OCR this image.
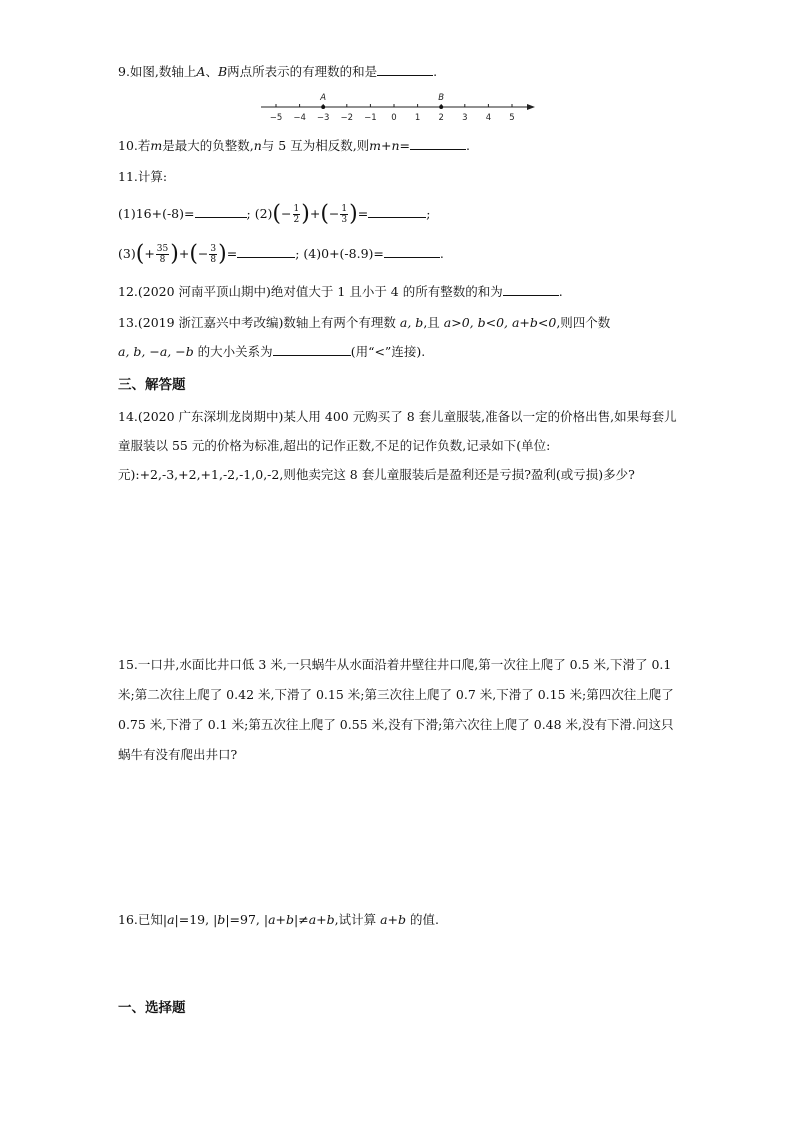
9.如图,数轴上A、B两点所表示的有理数的和是	.
−5 −4 −3 −2 −1 0 1 2 3 4 5
A	B
10.若m是最大的负整数,n与 5 互为相反数,则m+n=	.
11.计算:
(1)16+(-8)=	; $(2)(- \frac{1}{2}$ )+(− $\frac{1}{3}$ )=	;
$(3)(+ \frac{35}{8}$ )+(− $\frac{3}{8}$ )=	; (4)0+(-8.9)=	.
12.(2020 河南平顶山期中)绝对值大于 1 且小于 4 的所有整数的和为	.
13.(2019 浙江嘉兴中考改编)数轴上有两个有理数 a, b,且 a>0, b<0, a+b<0,则四个数
a, b, −a, −b 的大小关系为	(用“<”连接).
三、解答题
14.(2020 广东深圳龙岗期中)某人用 400 元购买了 8 套儿童服装,准备以一定的价格出售,如果每套儿童服装以 55 元的价格为标准,超出的记作正数,不足的记作负数,记录如下(单位:元):+2,-3,+2,+1,-2,-1,0,-2,则他卖完这 8 套儿童服装后是盈利还是亏损?盈利(或亏损)多少?
15.一口井,水面比井口低 3 米,一只蜗牛从水面沿着井壁往井口爬,第一次往上爬了 0.5 米,下滑了 0.1 米;第二次往上爬了 0.42 米,下滑了 0.15 米;第三次往上爬了 0.7 米,下滑了 0.15 米;第四次往上爬了 0.75 米,下滑了 0.1 米;第五次往上爬了 0.55 米,没有下滑;第六次往上爬了 0.48 米,没有下滑.问这只蜗牛有没有爬出井口?
16.已知|a|=19, |b|=97, |a+b|≠a+b,试计算 a+b 的值.
一、选择题
